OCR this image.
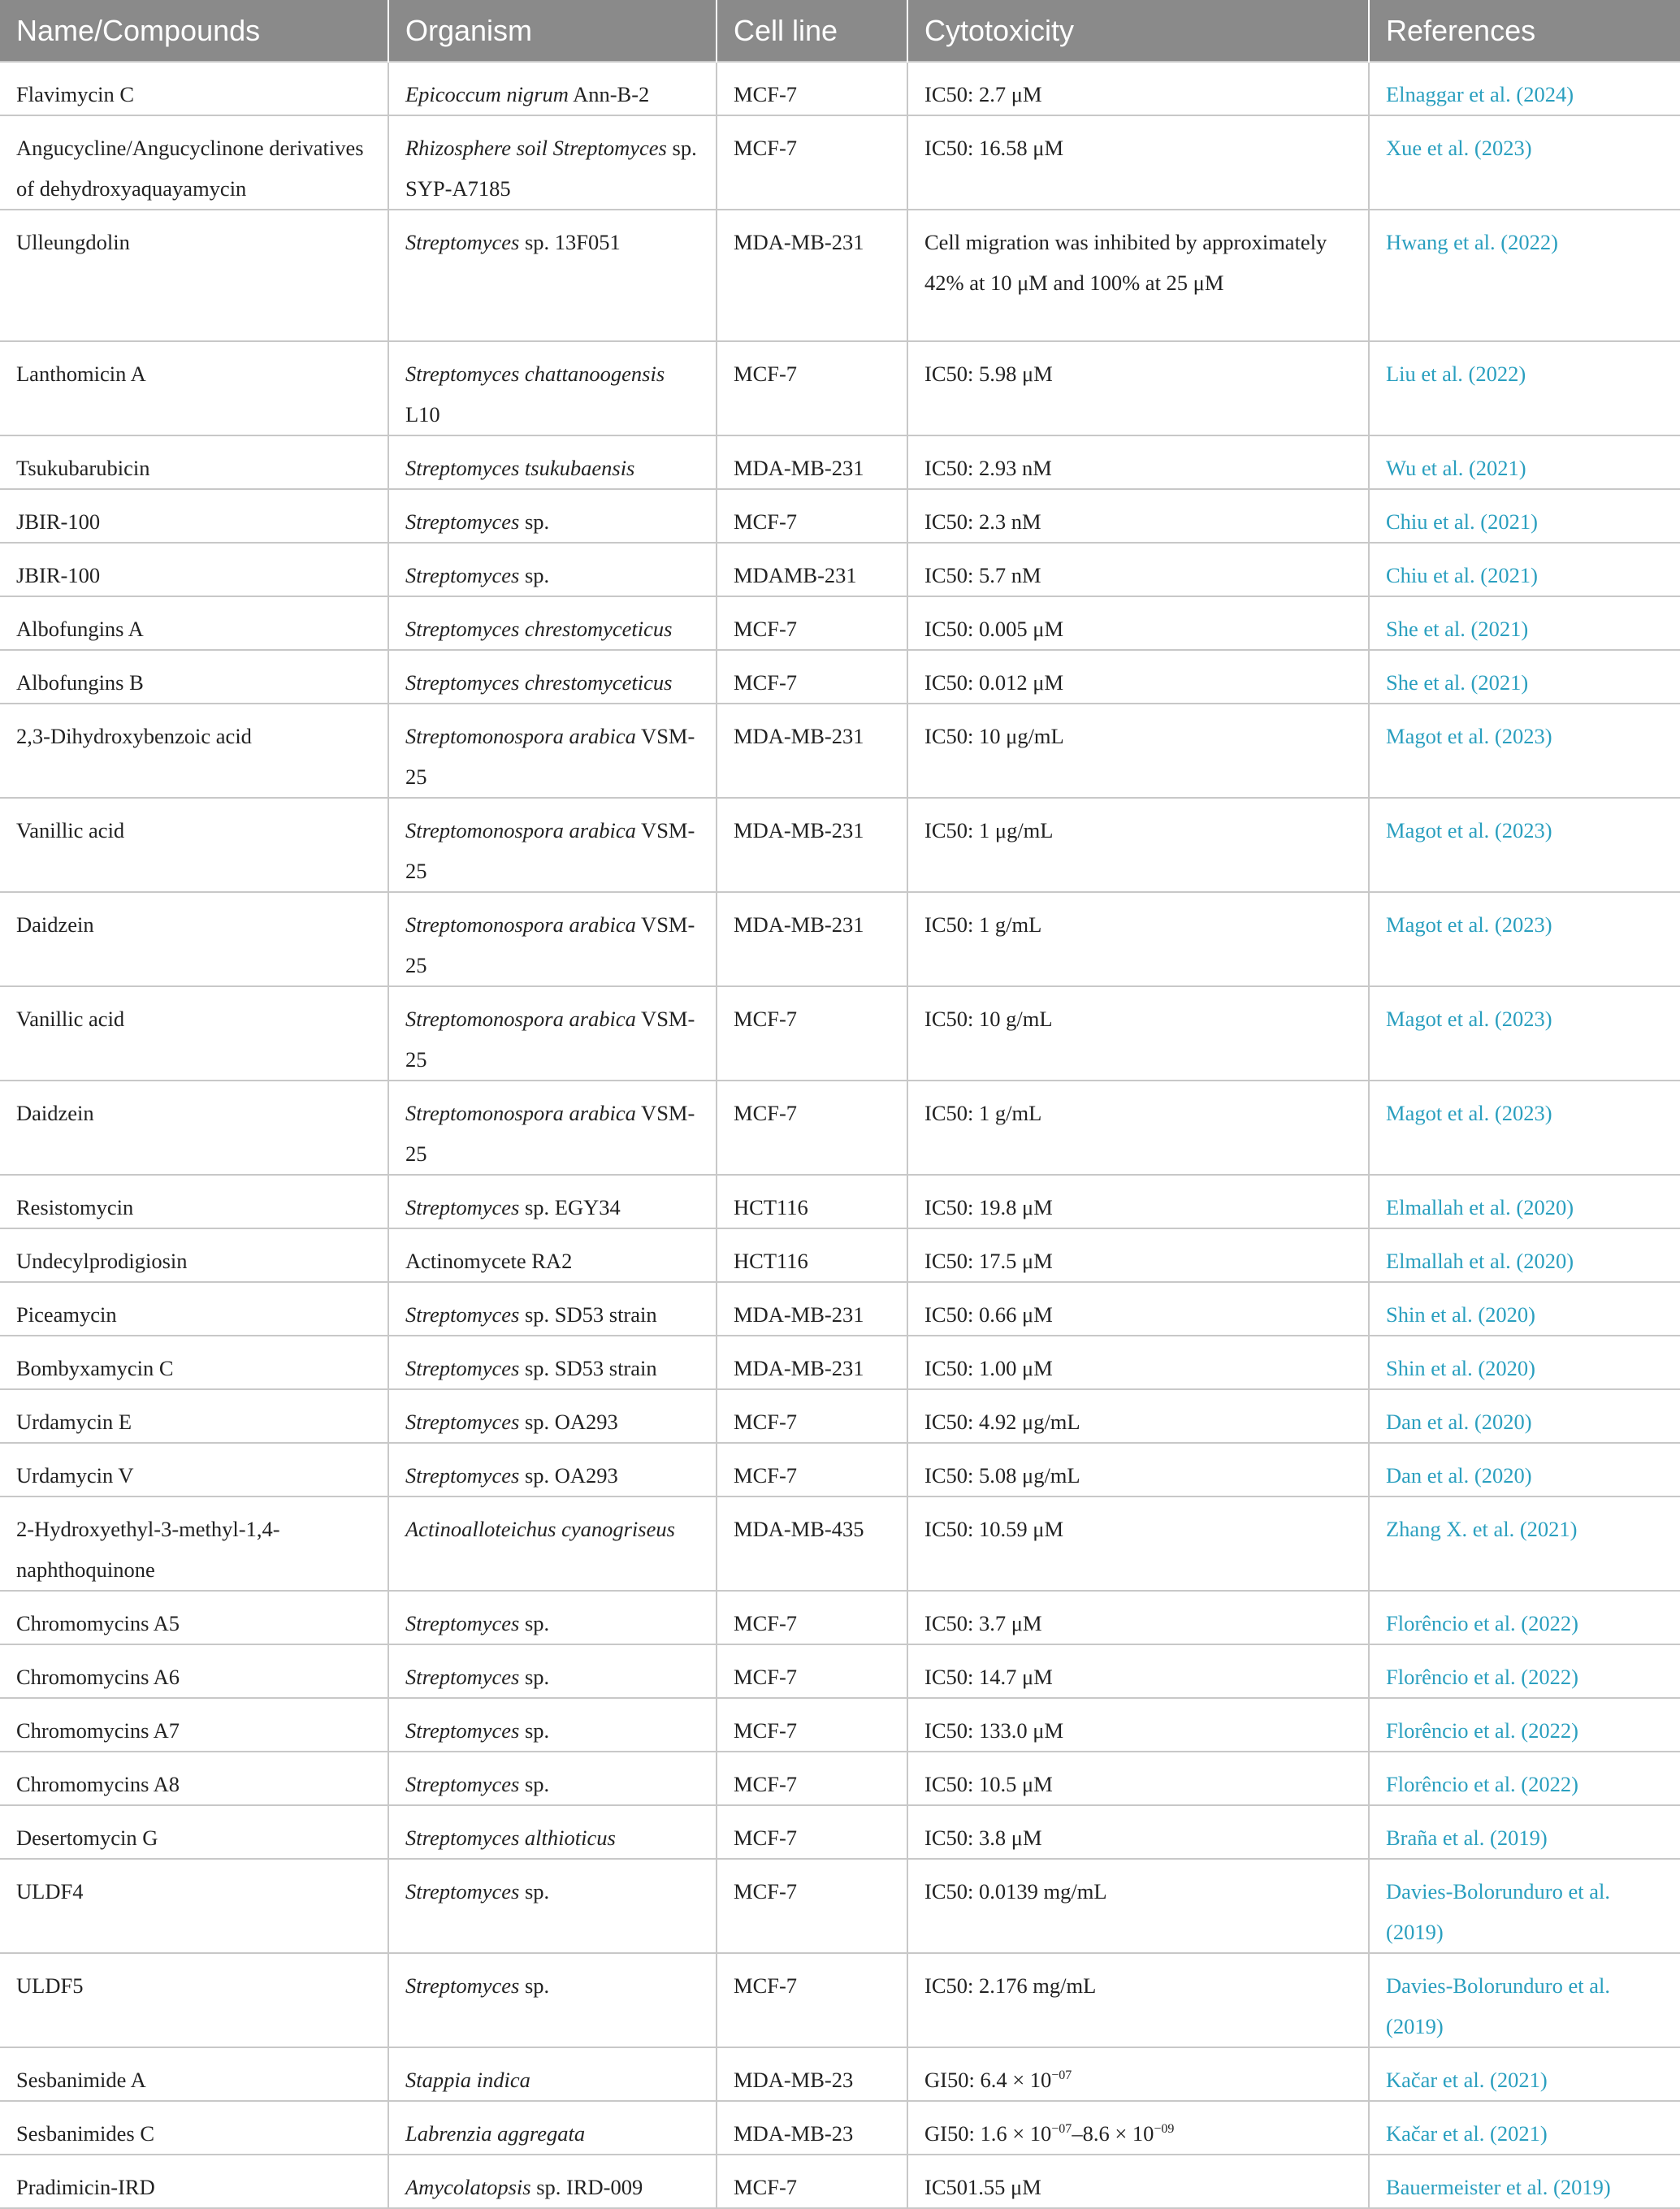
Name/Compounds	Organism	Cell line	Cytotoxicity	References
Flavimycin C	Epicoccum nigrum Ann-B-2	MCF-7	IC50: 2.7 μM	Elnaggar et al. (2024)
Angucycline/Angucyclinone derivatives of dehydroxyaquayamycin	Rhizosphere soil Streptomyces sp. SYP-A7185	MCF-7	IC50: 16.58 μM	Xue et al. (2023)
Ulleungdolin	Streptomyces sp. 13F051	MDA-MB-231	Cell migration was inhibited by approximately 42% at 10 μM and 100% at 25 μM	Hwang et al. (2022)
Lanthomicin A	Streptomyces chattanoogensis L10	MCF-7	IC50: 5.98 μM	Liu et al. (2022)
Tsukubarubicin	Streptomyces tsukubaensis	MDA-MB-231	IC50: 2.93 nM	Wu et al. (2021)
JBIR-100	Streptomyces sp.	MCF-7	IC50: 2.3 nM	Chiu et al. (2021)
JBIR-100	Streptomyces sp.	MDAMB-231	IC50: 5.7 nM	Chiu et al. (2021)
Albofungins A	Streptomyces chrestomyceticus	MCF-7	IC50: 0.005 μM	She et al. (2021)
Albofungins B	Streptomyces chrestomyceticus	MCF-7	IC50: 0.012 μM	She et al. (2021)
2,3-Dihydroxybenzoic acid	Streptomonospora arabica VSM-25	MDA-MB-231	IC50: 10 μg/mL	Magot et al. (2023)
Vanillic acid	Streptomonospora arabica VSM-25	MDA-MB-231	IC50: 1 μg/mL	Magot et al. (2023)
Daidzein	Streptomonospora arabica VSM-25	MDA-MB-231	IC50: 1 g/mL	Magot et al. (2023)
Vanillic acid	Streptomonospora arabica VSM-25	MCF-7	IC50: 10 g/mL	Magot et al. (2023)
Daidzein	Streptomonospora arabica VSM-25	MCF-7	IC50: 1 g/mL	Magot et al. (2023)
Resistomycin	Streptomyces sp. EGY34	HCT116	IC50: 19.8 μM	Elmallah et al. (2020)
Undecylprodigiosin	Actinomycete RA2	HCT116	IC50: 17.5 μM	Elmallah et al. (2020)
Piceamycin	Streptomyces sp. SD53 strain	MDA-MB-231	IC50: 0.66 μM	Shin et al. (2020)
Bombyxamycin C	Streptomyces sp. SD53 strain	MDA-MB-231	IC50: 1.00 μM	Shin et al. (2020)
Urdamycin E	Streptomyces sp. OA293	MCF-7	IC50: 4.92 μg/mL	Dan et al. (2020)
Urdamycin V	Streptomyces sp. OA293	MCF-7	IC50: 5.08 μg/mL	Dan et al. (2020)
2-Hydroxyethyl-3-methyl-1,4-naphthoquinone	Actinoalloteichus cyanogriseus	MDA-MB-435	IC50: 10.59 μM	Zhang X. et al. (2021)
Chromomycins A5	Streptomyces sp.	MCF-7	IC50: 3.7 μM	Florêncio et al. (2022)
Chromomycins A6	Streptomyces sp.	MCF-7	IC50: 14.7 μM	Florêncio et al. (2022)
Chromomycins A7	Streptomyces sp.	MCF-7	IC50: 133.0 μM	Florêncio et al. (2022)
Chromomycins A8	Streptomyces sp.	MCF-7	IC50: 10.5 μM	Florêncio et al. (2022)
Desertomycin G	Streptomyces althioticus	MCF-7	IC50: 3.8 μM	Braña et al. (2019)
ULDF4	Streptomyces sp.	MCF-7	IC50: 0.0139 mg/mL	Davies-Bolorunduro et al. (2019)
ULDF5	Streptomyces sp.	MCF-7	IC50: 2.176 mg/mL	Davies-Bolorunduro et al. (2019)
Sesbanimide A	Stappia indica	MDA-MB-23	GI50: $6.4 \times 10^{-07}$	Kačar et al. (2021)
Sesbanimides C	Labrenzia aggregata	MDA-MB-23	GI50: $1.6 \times 10^{-07}-8.6 \times 10^{-09}$	Kačar et al. (2021)
Pradimicin-IRD	Amycolatopsis sp. IRD-009	MCF-7	IC501.55 μM	Bauermeister et al. (2019)
